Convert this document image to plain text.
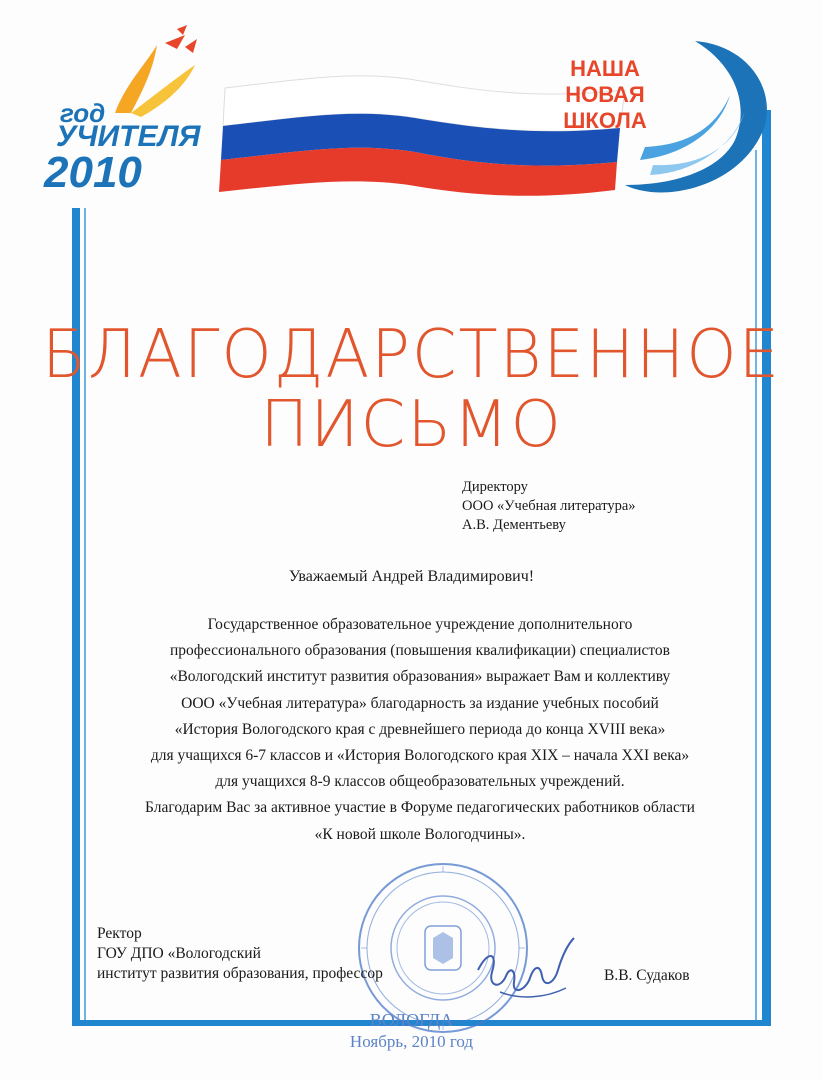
год
УЧИТЕЛЯ
2010
НАША
НОВАЯ
ШКОЛА
БЛАГОДАРСТВЕННОЕ
ПИСЬМО
Директору
ООО «Учебная литература»
А.В. Дементьеву
Уважаемый Андрей Владимирович!
Государственное образовательное учреждение дополнительного
профессионального образования (повышения квалификации) специалистов
«Вологодский институт развития образования» выражает Вам и коллективу
ООО «Учебная литература» благодарность за издание учебных пособий
«История Вологодского края с древнейшего периода до конца XVIII века»
для учащихся 6-7 классов и «История Вологодского края XIX – начала XXI века»
для учащихся 8-9 классов общеобразовательных учреждений.
Благодарим Вас за активное участие в Форуме педагогических работников области
«К новой школе Вологодчины».
Ректор
ГОУ ДПО «Вологодский
институт развития образования, профессор	В.В. Судаков
ВОЛОГДА
Ноябрь, 2010 год
